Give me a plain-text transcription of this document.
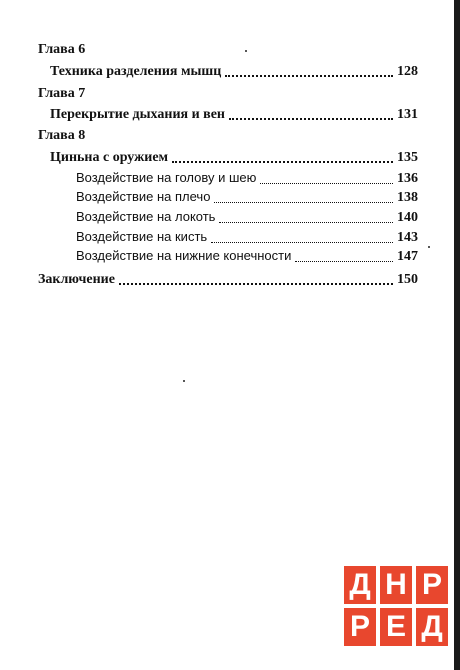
Глава 6
Техника разделения мышц	128
Глава 7
Перекрытие дыхания и вен	131
Глава 8
Циньна с оружием	135
Воздействие на голову и шею	136
Воздействие на плечо	138
Воздействие на локоть	140
Воздействие на кисть	143
Воздействие на нижние конечности	147
Заключение	150
Д Н Р
Р Е Д
